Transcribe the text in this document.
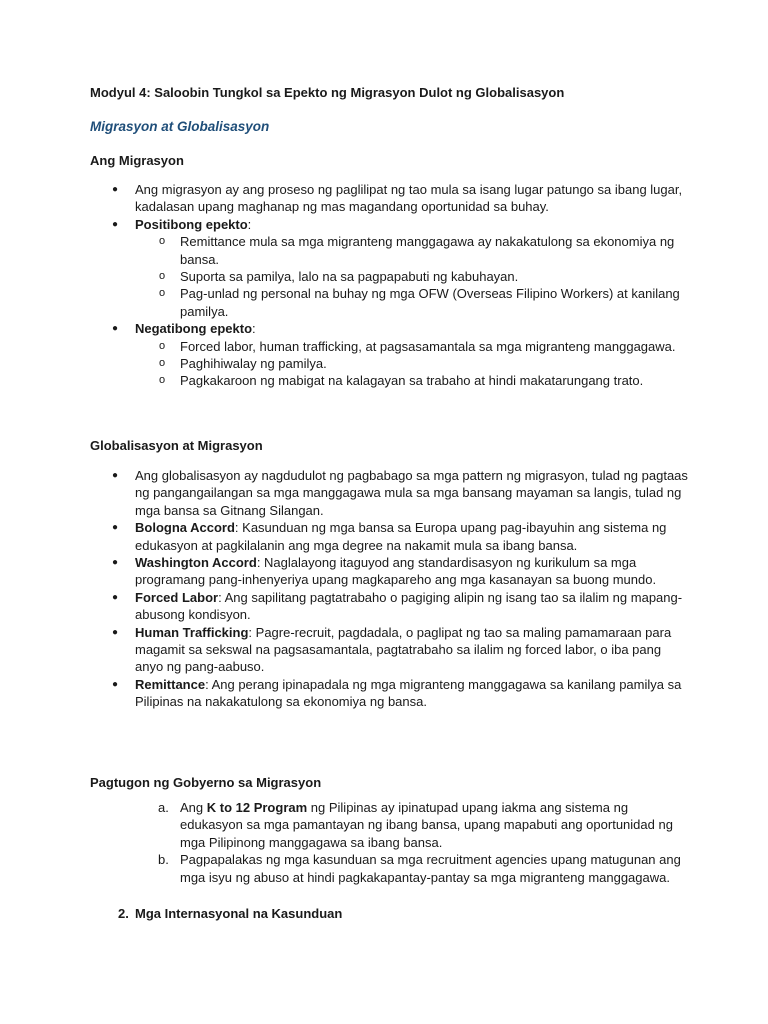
Modyul 4: Saloobin Tungkol sa Epekto ng Migrasyon Dulot ng Globalisasyon
Migrasyon at Globalisasyon
Ang Migrasyon
● Ang migrasyon ay ang proseso ng paglilipat ng tao mula sa isang lugar patungo sa ibang lugar, kadalasan upang maghanap ng mas magandang oportunidad sa buhay.
● Positibong epekto:
o Remittance mula sa mga migranteng manggagawa ay nakakatulong sa ekonomiya ng bansa.
o Suporta sa pamilya, lalo na sa pagpapabuti ng kabuhayan.
o Pag-unlad ng personal na buhay ng mga OFW (Overseas Filipino Workers) at kanilang pamilya.
● Negatibong epekto:
o Forced labor, human trafficking, at pagsasamantala sa mga migranteng manggagawa.
o Paghihiwalay ng pamilya.
o Pagkakaroon ng mabigat na kalagayan sa trabaho at hindi makatarungang trato.
Globalisasyon at Migrasyon
● Ang globalisasyon ay nagdudulot ng pagbabago sa mga pattern ng migrasyon, tulad ng pagtaas ng pangangailangan sa mga manggagawa mula sa mga bansang mayaman sa langis, tulad ng mga bansa sa Gitnang Silangan.
● Bologna Accord: Kasunduan ng mga bansa sa Europa upang pag-ibayuhin ang sistema ng edukasyon at pagkilalanin ang mga degree na nakamit mula sa ibang bansa.
● Washington Accord: Naglalayong itaguyod ang standardisasyon ng kurikulum sa mga programang pang-inhenyeriya upang magkapareho ang mga kasanayan sa buong mundo.
● Forced Labor: Ang sapilitang pagtatrabaho o pagiging alipin ng isang tao sa ilalim ng mapang-abusong kondisyon.
● Human Trafficking: Pagre-recruit, pagdadala, o paglipat ng tao sa maling pamamaraan para magamit sa sekswal na pagsasamantala, pagtatrabaho sa ilalim ng forced labor, o iba pang anyo ng pang-aabuso.
● Remittance: Ang perang ipinapadala ng mga migranteng manggagawa sa kanilang pamilya sa Pilipinas na nakakatulong sa ekonomiya ng bansa.
Pagtugon ng Gobyerno sa Migrasyon
a. Ang K to 12 Program ng Pilipinas ay ipinatupad upang iakma ang sistema ng edukasyon sa mga pamantayan ng ibang bansa, upang mapabuti ang oportunidad ng mga Pilipinong manggagawa sa ibang bansa.
b. Pagpapalakas ng mga kasunduan sa mga recruitment agencies upang matugunan ang mga isyu ng abuso at hindi pagkakapantay-pantay sa mga migranteng manggagawa.
2. Mga Internasyonal na Kasunduan
